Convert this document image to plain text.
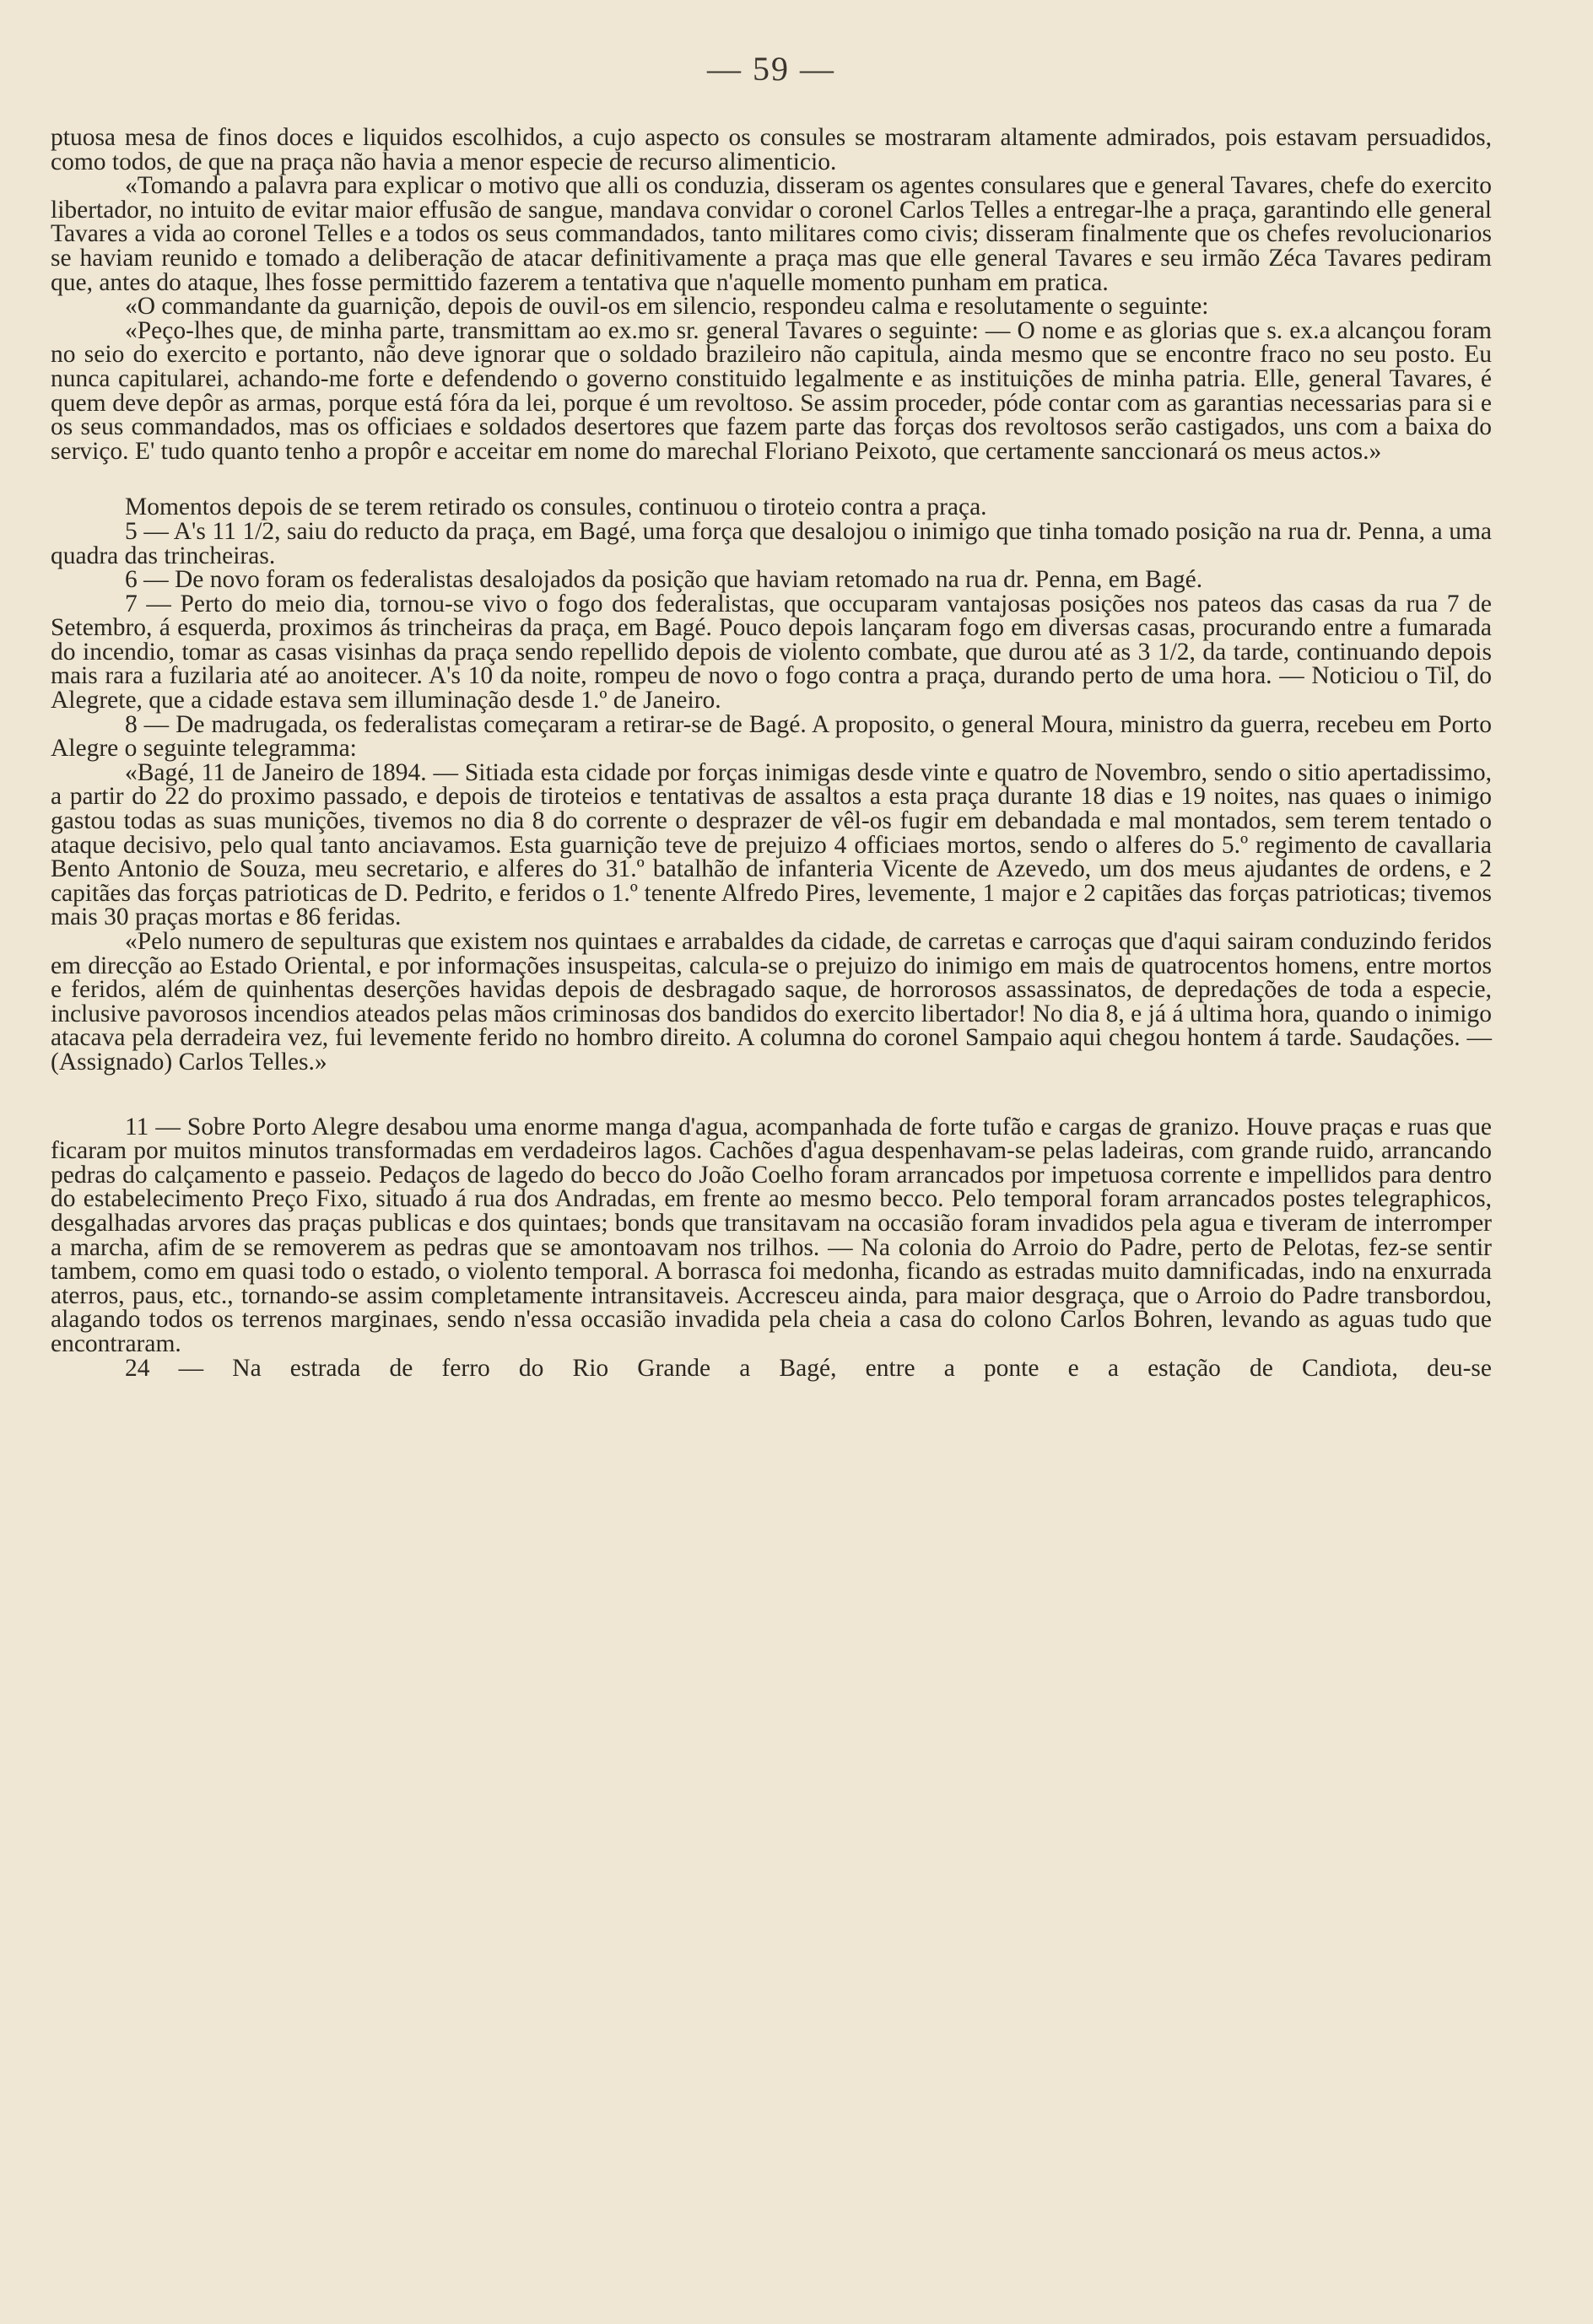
— 59 —

ptuosa mesa de finos doces e liquidos escolhidos, a cujo aspecto os consules se mostraram altamente admirados, pois estavam persuadidos, como todos, de que na praça não havia a menor especie de recurso alimenticio.

«Tomando a palavra para explicar o motivo que alli os conduzia, disseram os agentes consulares que e general Tavares, chefe do exercito libertador, no intuito de evitar maior effusão de sangue, mandava convidar o coronel Carlos Telles a entregar-lhe a praça, garantindo elle general Tavares a vida ao coronel Telles e a todos os seus commandados, tanto militares como civis; disseram finalmente que os chefes revolucionarios se haviam reunido e tomado a deliberação de atacar definitivamente a praça mas que elle general Tavares e seu irmão Zéca Tavares pediram que, antes do ataque, lhes fosse permittido fazerem a tentativa que n'aquelle momento punham em pratica.

«O commandante da guarnição, depois de ouvil-os em silencio, respondeu calma e resolutamente o seguinte:

«Peço-lhes que, de minha parte, transmittam ao ex.mo sr. general Tavares o seguinte: — O nome e as glorias que s. ex.a alcançou foram no seio do exercito e portanto, não deve ignorar que o soldado brazileiro não capitula, ainda mesmo que se encontre fraco no seu posto. Eu nunca capitularei, achando-me forte e defendendo o governo constituido legalmente e as instituições de minha patria. Elle, general Tavares, é quem deve depôr as armas, porque está fóra da lei, porque é um revoltoso. Se assim proceder, póde contar com as garantias necessarias para si e os seus commandados, mas os officiaes e soldados desertores que fazem parte das forças dos revoltosos serão castigados, uns com a baixa do serviço. E' tudo quanto tenho a propôr e acceitar em nome do marechal Floriano Peixoto, que certamente sanccionará os meus actos.»

Momentos depois de se terem retirado os consules, continuou o tiroteio contra a praça.

5 — A's 11 1/2, saiu do reducto da praça, em Bagé, uma força que desalojou o inimigo que tinha tomado posição na rua dr. Penna, a uma quadra das trincheiras.

6 — De novo foram os federalistas desalojados da posição que haviam retomado na rua dr. Penna, em Bagé.

7 — Perto do meio dia, tornou-se vivo o fogo dos federalistas, que occuparam vantajosas posições nos pateos das casas da rua 7 de Setembro, á esquerda, proximos ás trincheiras da praça, em Bagé. Pouco depois lançaram fogo em diversas casas, procurando entre a fumarada do incendio, tomar as casas visinhas da praça sendo repellido depois de violento combate, que durou até as 3 1/2, da tarde, continuando depois mais rara a fuzilaria até ao anoitecer. A's 10 da noite, rompeu de novo o fogo contra a praça, durando perto de uma hora. — Noticiou o Til, do Alegrete, que a cidade estava sem illuminação desde 1.º de Janeiro.

8 — De madrugada, os federalistas começaram a retirar-se de Bagé. A proposito, o general Moura, ministro da guerra, recebeu em Porto Alegre o seguinte telegramma:

«Bagé, 11 de Janeiro de 1894. — Sitiada esta cidade por forças inimigas desde vinte e quatro de Novembro, sendo o sitio apertadissimo, a partir do 22 do proximo passado, e depois de tiroteios e tentativas de assaltos a esta praça durante 18 dias e 19 noites, nas quaes o inimigo gastou todas as suas munições, tivemos no dia 8 do corrente o desprazer de vêl-os fugir em debandada e mal montados, sem terem tentado o ataque decisivo, pelo qual tanto anciavamos. Esta guarnição teve de prejuizo 4 officiaes mortos, sendo o alferes do 5.º regimento de cavallaria Bento Antonio de Souza, meu secretario, e alferes do 31.º batalhão de infanteria Vicente de Azevedo, um dos meus ajudantes de ordens, e 2 capitães das forças patrioticas de D. Pedrito, e feridos o 1.º tenente Alfredo Pires, levemente, 1 major e 2 capitães das forças patrioticas; tivemos mais 30 praças mortas e 86 feridas.

«Pelo numero de sepulturas que existem nos quintaes e arrabaldes da cidade, de carretas e carroças que d'aqui sairam conduzindo feridos em direcção ao Estado Oriental, e por informações insuspeitas, calcula-se o prejuizo do inimigo em mais de quatrocentos homens, entre mortos e feridos, além de quinhentas deserções havidas depois de desbragado saque, de horrorosos assassinatos, de depredações de toda a especie, inclusive pavorosos incendios ateados pelas mãos criminosas dos bandidos do exercito libertador! No dia 8, e já á ultima hora, quando o inimigo atacava pela derradeira vez, fui levemente ferido no hombro direito. A columna do coronel Sampaio aqui chegou hontem á tarde. Saudações. — (Assignado) Carlos Telles.»

11 — Sobre Porto Alegre desabou uma enorme manga d'agua, acompanhada de forte tufão e cargas de granizo. Houve praças e ruas que ficaram por muitos minutos transformadas em verdadeiros lagos. Cachões d'agua despenhavam-se pelas ladeiras, com grande ruido, arrancando pedras do calçamento e passeio. Pedaços de lagedo do becco do João Coelho foram arrancados por impetuosa corrente e impellidos para dentro do estabelecimento Preço Fixo, situado á rua dos Andradas, em frente ao mesmo becco. Pelo temporal foram arrancados postes telegraphicos, desgalhadas arvores das praças publicas e dos quintaes; bonds que transitavam na occasião foram invadidos pela agua e tiveram de interromper a marcha, afim de se removerem as pedras que se amontoavam nos trilhos. — Na colonia do Arroio do Padre, perto de Pelotas, fez-se sentir tambem, como em quasi todo o estado, o violento temporal. A borrasca foi medonha, ficando as estradas muito damnificadas, indo na enxurrada aterros, paus, etc., tornando-se assim completamente intransitaveis. Accresceu ainda, para maior desgraça, que o Arroio do Padre transbordou, alagando todos os terrenos marginaes, sendo n'essa occasião invadida pela cheia a casa do colono Carlos Bohren, levando as aguas tudo que encontraram.

24 — Na estrada de ferro do Rio Grande a Bagé, entre a ponte e a estação de Candiota, deu-se
